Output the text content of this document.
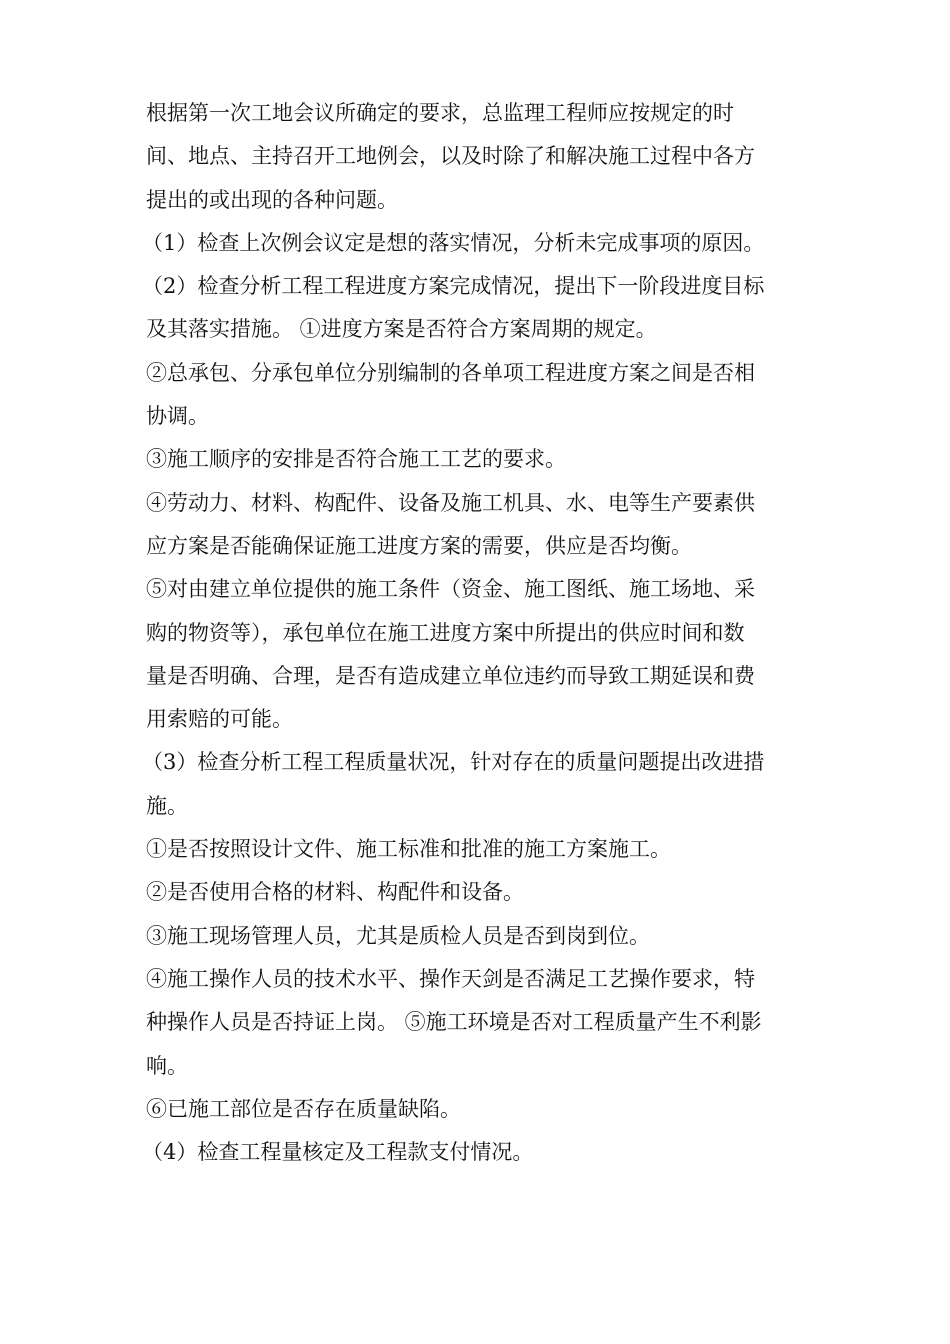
根据第一次工地会议所确定的要求，总监理工程师应按规定的时
间、地点、主持召开工地例会，以及时除了和解决施工过程中各方
提出的或出现的各种问题。
（1）检查上次例会议定是想的落实情况，分析未完成事项的原因。
（2）检查分析工程工程进度方案完成情况，提出下一阶段进度目标
及其落实措施。 ①进度方案是否符合方案周期的规定。
②总承包、分承包单位分别编制的各单项工程进度方案之间是否相
协调。
③施工顺序的安排是否符合施工工艺的要求。
④劳动力、材料、构配件、设备及施工机具、水、电等生产要素供
应方案是否能确保证施工进度方案的需要，供应是否均衡。
⑤对由建立单位提供的施工条件（资金、施工图纸、施工场地、采
购的物资等），承包单位在施工进度方案中所提出的供应时间和数
量是否明确、合理，是否有造成建立单位违约而导致工期延误和费
用索赔的可能。
（3）检查分析工程工程质量状况，针对存在的质量问题提出改进措
施。
①是否按照设计文件、施工标准和批准的施工方案施工。
②是否使用合格的材料、构配件和设备。
③施工现场管理人员，尤其是质检人员是否到岗到位。
④施工操作人员的技术水平、操作天剑是否满足工艺操作要求，特
种操作人员是否持证上岗。 ⑤施工环境是否对工程质量产生不利影
响。
⑥已施工部位是否存在质量缺陷。
（4）检查工程量核定及工程款支付情况。
